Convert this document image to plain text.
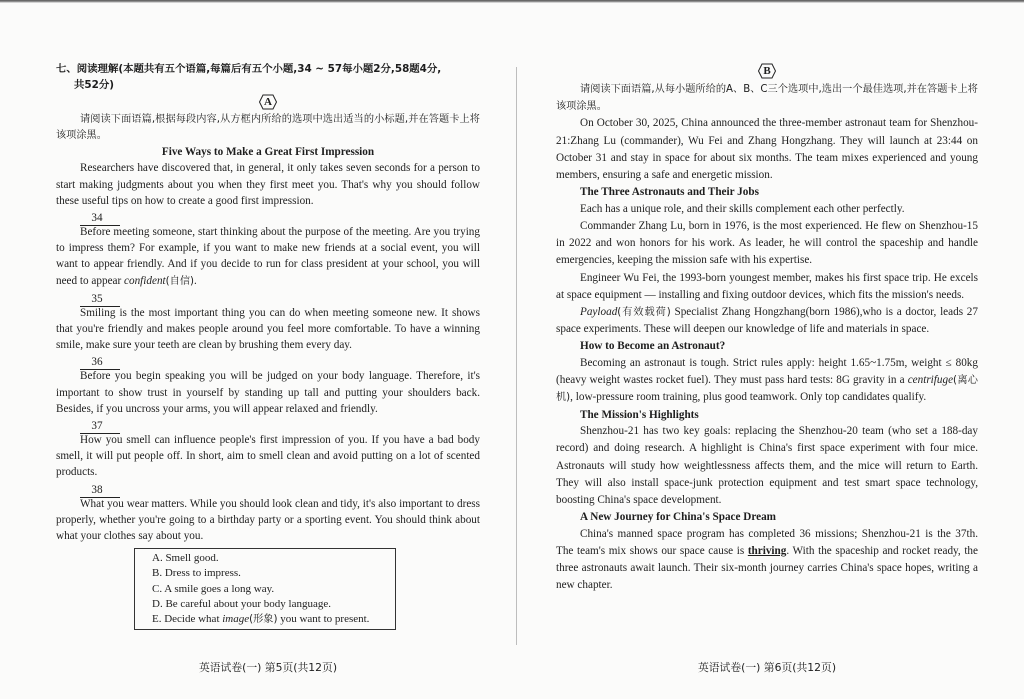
七、阅读理解(本题共有五个语篇,每篇后有五个小题,34 ~ 57每小题2分,58题4分,
共52分)
A

请阅读下面语篇,根据每段内容,从方框内所给的选项中选出适当的小标题,并在答题卡上将该项涂黑。

Five Ways to Make a Great First Impression

Researchers have discovered that, in general, it only takes seven seconds for a person to start making judgments about you when they first meet you. That's why you should follow these useful tips on how to create a good first impression.

34

Before meeting someone, start thinking about the purpose of the meeting. Are you trying to impress them? For example, if you want to make new friends at a social event, you will want to appear friendly. And if you decide to run for class president at your school, you will need to appear confident(自信).

35

Smiling is the most important thing you can do when meeting someone new. It shows that you're friendly and makes people around you feel more comfortable. To have a winning smile, make sure your teeth are clean by brushing them every day.

36

Before you begin speaking you will be judged on your body language. Therefore, it's important to show trust in yourself by standing up tall and putting your shoulders back. Besides, if you uncross your arms, you will appear relaxed and friendly.

37

How you smell can influence people's first impression of you. If you have a bad body smell, it will put people off. In short, aim to smell clean and avoid putting on a lot of scented products.

38

What you wear matters. While you should look clean and tidy, it's also important to dress properly, whether you're going to a birthday party or a sporting event. You should think about what your clothes say about you.

A. Smell good.
B. Dress to impress.
C. A smile goes a long way.
D. Be careful about your body language.
E. Decide what image(形象) you want to present.
英语试卷(一) 第5页(共12页)
B

请阅读下面语篇,从每小题所给的A、B、C三个选项中,选出一个最佳选项,并在答题卡上将该项涂黑。

On October 30, 2025, China announced the three-member astronaut team for Shenzhou-21:Zhang Lu (commander), Wu Fei and Zhang Hongzhang. They will launch at 23:44 on October 31 and stay in space for about six months. The team mixes experienced and young members, ensuring a safe and energetic mission.

The Three Astronauts and Their Jobs

Each has a unique role, and their skills complement each other perfectly.

Commander Zhang Lu, born in 1976, is the most experienced. He flew on Shenzhou-15 in 2022 and won honors for his work. As leader, he will control the spaceship and handle emergencies, keeping the mission safe with his expertise.

Engineer Wu Fei, the 1993-born youngest member, makes his first space trip. He excels at space equipment — installing and fixing outdoor devices, which fits the mission's needs.

Payload(有效载荷) Specialist Zhang Hongzhang(born 1986),who is a doctor, leads 27 space experiments. These will deepen our knowledge of life and materials in space.

How to Become an Astronaut?

Becoming an astronaut is tough. Strict rules apply: height 1.65~1.75m, weight ≤ 80kg (heavy weight wastes rocket fuel). They must pass hard tests: 8G gravity in a centrifuge(离心机), low-pressure room training, plus good teamwork. Only top candidates qualify.

The Mission's Highlights

Shenzhou-21 has two key goals: replacing the Shenzhou-20 team (who set a 188-day record) and doing research. A highlight is China's first space experiment with four mice. Astronauts will study how weightlessness affects them, and the mice will return to Earth. They will also install space-junk protection equipment and test smart space technology, boosting China's space development.

A New Journey for China's Space Dream

China's manned space program has completed 36 missions; Shenzhou-21 is the 37th. The team's mix shows our space cause is thriving. With the spaceship and rocket ready, the three astronauts await launch. Their six-month journey carries China's space hopes, writing a new chapter.

英语试卷(一) 第6页(共12页)
